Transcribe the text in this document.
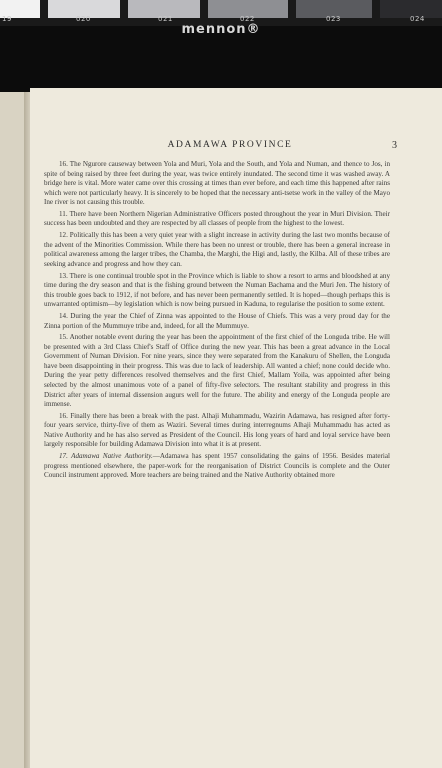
19	020	021	022	023	024
mennon®
ADAMAWA PROVINCE	3

16. The Ngurore causeway between Yola and Muri, Yola and the South, and Yola and Numan, and thence to Jos, in spite of being raised by three feet during the year, was twice entirely inundated. The second time it was washed away. A bridge here is vital. More water came over this crossing at times than ever before, and each time this happened after rains which were not particularly heavy. It is sincerely to be hoped that the necessary anti-tsetse work in the valley of the Mayo Ine river is not causing this trouble.

11. There have been Northern Nigerian Administrative Officers posted throughout the year in Muri Division. Their success has been undoubted and they are respected by all classes of people from the highest to the lowest.

12. Politically this has been a very quiet year with a slight increase in activity during the last two months because of the advent of the Minorities Commission. While there has been no unrest or trouble, there has been a general increase in political awareness among the larger tribes, the Chamba, the Marghi, the Higi and, lastly, the Kilba. All of these tribes are seeking advance and progress and how they can.

13. There is one continual trouble spot in the Province which is liable to show a resort to arms and bloodshed at any time during the dry season and that is the fishing ground between the Numan Bachama and the Muri Jen. The history of this trouble goes back to 1912, if not before, and has never been permanently settled. It is hoped—though perhaps this is unwarranted optimism—by legislation which is now being pursued in Kaduna, to regularise the position to some extent.

14. During the year the Chief of Zinna was appointed to the House of Chiefs. This was a very proud day for the Zinna portion of the Mummuye tribe and, indeed, for all the Mummuye.

15. Another notable event during the year has been the appointment of the first chief of the Longuda tribe. He will be presented with a 3rd Class Chief's Staff of Office during the new year. This has been a great advance in the Local Government of Numan Division. For nine years, since they were separated from the Kanakuru of Shellen, the Longuda have been disappointing in their progress. This was due to lack of leadership. All wanted a chief; none could decide who. During the year petty differences resolved themselves and the first Chief, Mallam Yoila, was appointed after being selected by the almost unanimous vote of a panel of fifty-five selectors. The resultant stability and progress in this District after years of internal dissension augurs well for the future. The ability and energy of the Longuda people are immense.

16. Finally there has been a break with the past. Alhaji Muhammadu, Wazirin Adamawa, has resigned after forty-four years service, thirty-five of them as Waziri. Several times during interregnums Alhaji Muhammadu has acted as Native Authority and he has also served as President of the Council. His long years of hard and loyal service have been largely responsible for building Adamawa Division into what it is at present.

17. Adamawa Native Authority.—Adamawa has spent 1957 consolidating the gains of 1956. Besides material progress mentioned elsewhere, the paper-work for the reorganisation of District Councils is complete and the Outer Council instrument approved. More teachers are being trained and the Native Authority obtained more
